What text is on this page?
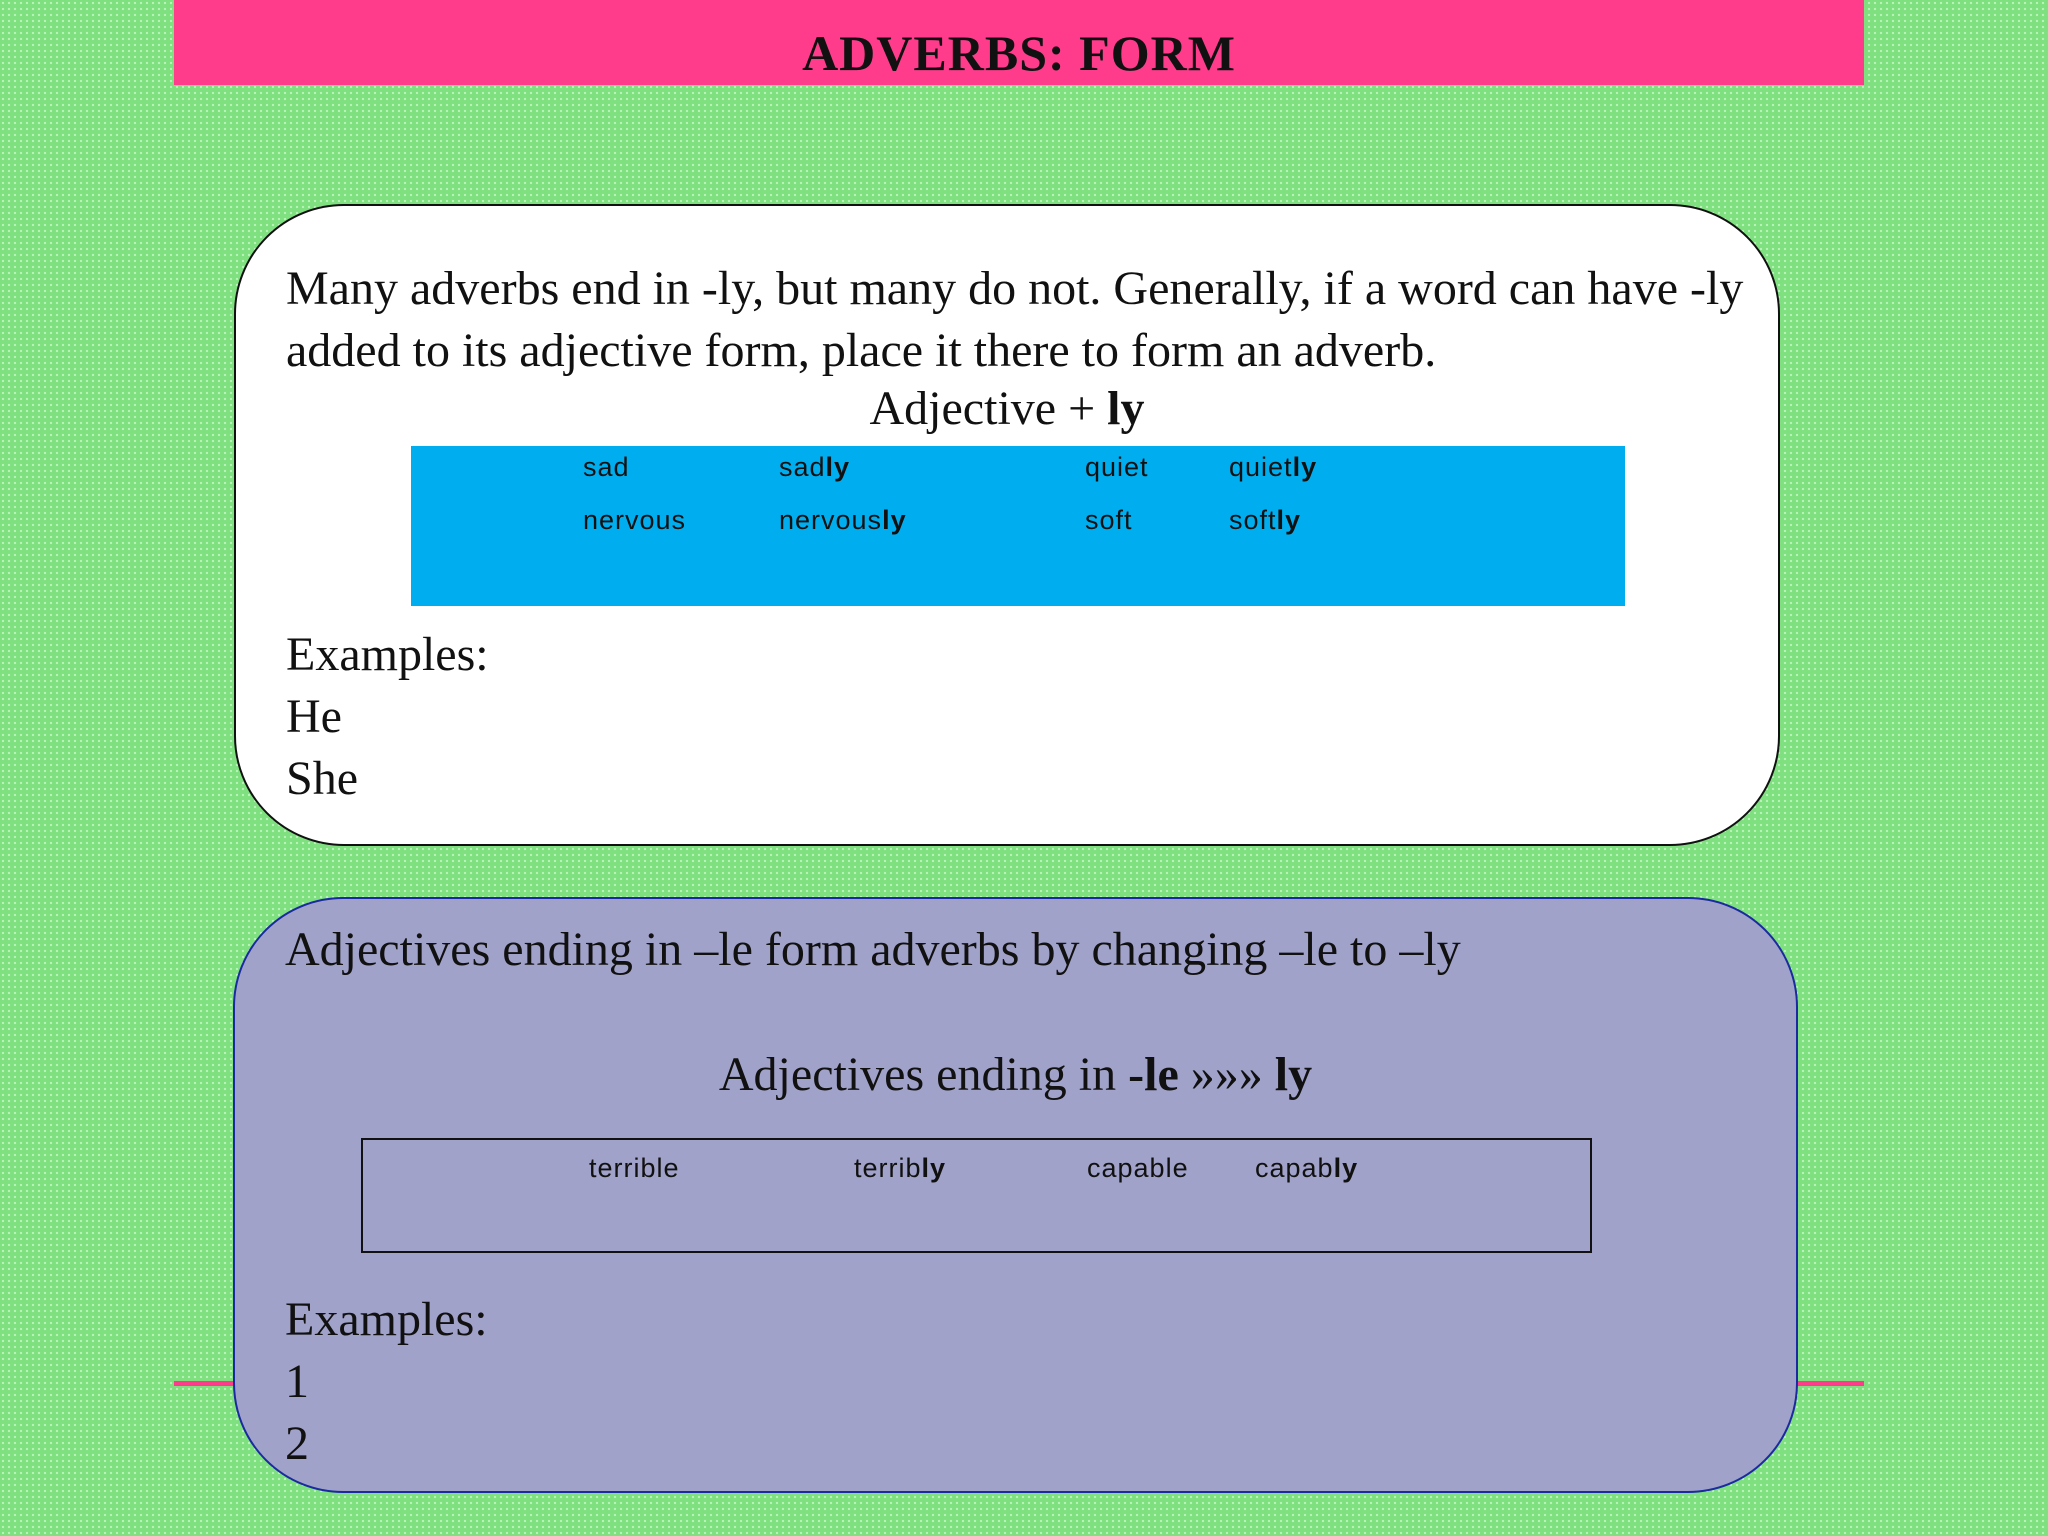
ADVERBS: FORM

Many adverbs end in -ly, but many do not. Generally, if a word can have -ly added to its adjective form, place it there to form an adverb.

Adjective + ly
sad	sadly	quiet	quietly
nervous	nervously	soft	softly
Examples:
He
She

Adjectives ending in –le form adverbs by changing –le to –ly

Adjectives ending in -le »»» ly
terrible	terribly	capable capably
Examples:
1
2
